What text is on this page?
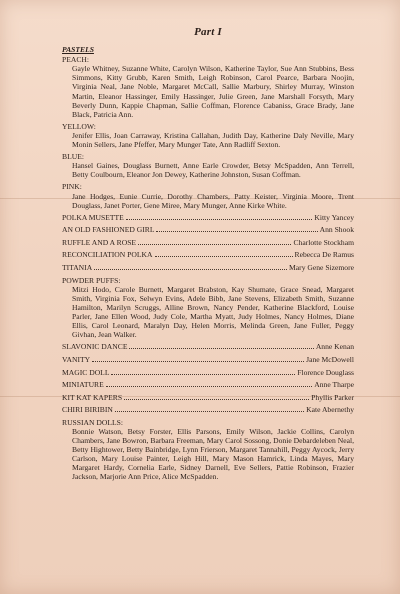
Part I
PASTELS
PEACH:
Gayle Whitney, Suzanne White, Carolyn Wilson, Katherine Taylor, Sue Ann Stubbins, Bess Simmons, Kitty Grubb, Karen Smith, Leigh Robinson, Carol Pearce, Barbara Noojin, Virginia Neal, Jane Noble, Margaret McCall, Sallie Marbury, Shirley Murray, Winston Martin, Eleanor Hassinger, Emily Hassinger, Julie Green, Jane Marshall Forsyth, Mary Beverly Dunn, Kappie Chapman, Sallie Coffman, Florence Cabaniss, Grace Brady, Jane Black, Patricia Ann.
YELLOW:
Jenifer Ellis, Joan Carraway, Kristina Callahan, Judith Day, Katherine Daly Neville, Mary Monin Sellers, Jane Pfeffer, Mary Munger Tate, Ann Radliff Sexton.
BLUE:
Hansel Gaines, Douglass Burnett, Anne Earle Crowder, Betsy McSpadden, Ann Terrell, Betty Coulbourn, Eleanor Jon Dewey, Katherine Johnston, Susan Coffman.
PINK:
Jane Hodges, Eunie Currie, Dorothy Chambers, Patty Keister, Virginia Moore, Trent Douglass, Janet Porter, Gene Miree, Mary Munger, Anne Kirke White.
POLKA MUSETTE	Kitty Yancey
AN OLD FASHIONED GIRL	Ann Shook
RUFFLE AND A ROSE	Charlotte Stockham
RECONCILIATION POLKA	Rebecca De Ramus
TITANIA	Mary Gene Sizemore
POWDER PUFFS:
Mitzi Hodo, Carole Burnett, Margaret Brabston, Kay Shumate, Grace Snead, Margaret Smith, Virginia Fox, Selwyn Evins, Adele Bibb, Jane Stevens, Elizabeth Smith, Suzanne Hamilton, Marilyn Scruggs, Alline Brown, Nancy Pender, Katherine Blackford, Louise Parler, Jane Ellen Wood, Judy Cole, Martha Myatt, Judy Holmes, Nancy Holmes, Diane Ellis, Carol Leonard, Maralyn Day, Helen Morris, Melinda Green, Jane Fuller, Peggy Givhan, Jean Walker.
SLAVONIC DANCE	Anne Kenan
VANITY	Jane McDowell
MAGIC DOLL	Florence Douglass
MINIATURE	Anne Tharpe
KIT KAT KAPERS	Phyllis Parker
CHIRI BIRIBIN	Kate Abernethy
RUSSIAN DOLLS:
Bonnie Watson, Betsy Forster, Ellis Parsons, Emily Wilson, Jackie Collins, Carolyn Chambers, Jane Bowron, Barbara Freeman, Mary Carol Sossong, Donie Debardeleben Neal, Betty Hightower, Betty Bainbridge, Lynn Frierson, Margaret Tannahill, Peggy Aycock, Jerry Carlson, Mary Louise Painter, Leigh Hill, Mary Mason Hamrick, Linda Mayes, Mary Margaret Hardy, Cornelia Earle, Sidney Darnell, Eve Sellers, Pattie Robinson, Frazier Jackson, Marjorie Ann Price, Alice McSpadden.
